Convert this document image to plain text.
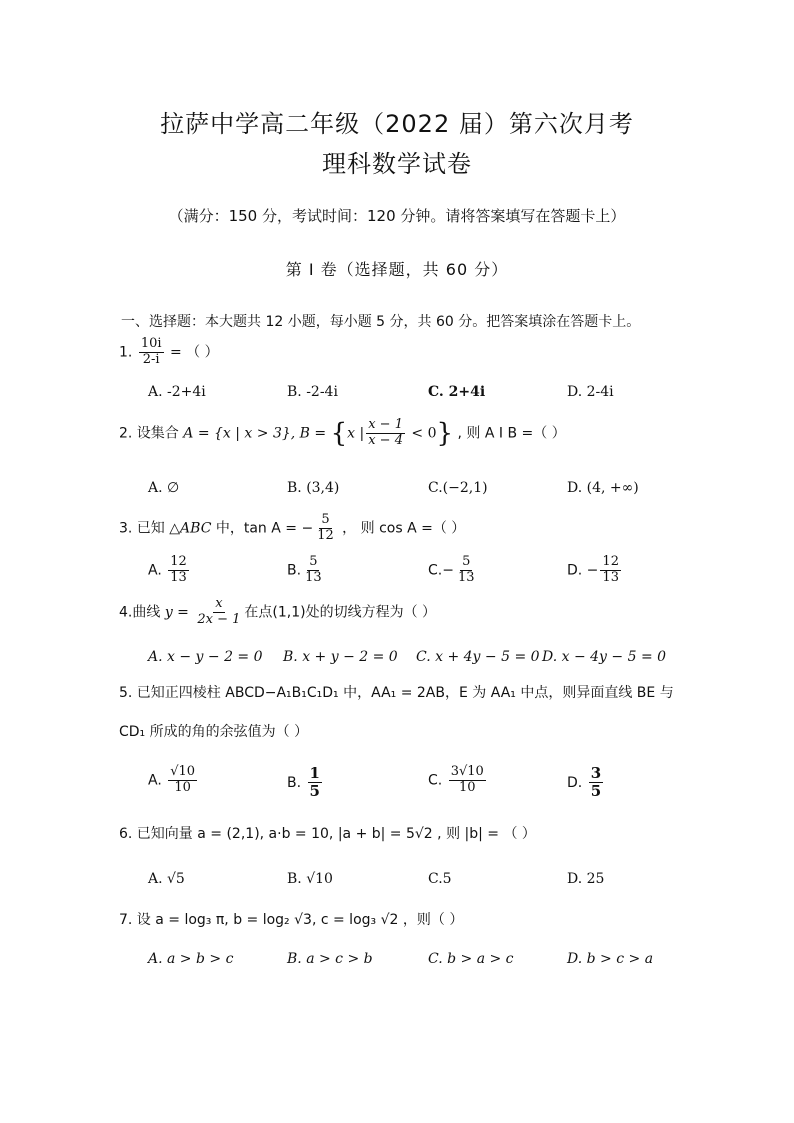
拉萨中学高二年级（2022 届）第六次月考
理科数学试卷
（满分：150 分，考试时间：120 分钟。请将答案填写在答题卡上）
第 I 卷（选择题，共 60 分）
一、选择题：本大题共 12 小题，每小题 5 分，共 60 分。把答案填涂在答题卡上。
1. $\frac{10i}{2-i}$ = （ ）
A. -2+4i	B. -2-4i	C. 2+4i	D. 2-4i
2. 设集合 A = {x | x > 3}, B = {x | $\frac{x - 1}{x - 4} < 0$} , 则 A I B =（ ）
A. ∅	B. (3,4)	C.(−2,1)	D. (4, +∞)
3. 已知 △ABC 中，tan A = − $\frac{5}{12}$ ， 则 cos A =（ ）
A. $\frac{12}{13}$	B. $\frac{5}{13}$	$C.- \frac{5}{13}$	D. − $\frac{12}{13}$
4.曲线 $y = \frac{x}{2x - 1}$ 在点(1,1)处的切线方程为（ ）
A. x − y − 2 = 0 B. x + y − 2 = 0 C. x + 4y − 5 = 0 D. x − 4y − 5 = 0
5. 已知正四棱柱 ABCD−A₁B₁C₁D₁ 中，AA₁ = 2AB，E 为 AA₁ 中点，则异面直线 BE 与
CD₁ 所成的角的余弦值为（ ）
A. $\frac{√10}{10}$	B. $\frac{1}{5}$	C. $\frac{3√10}{10}$	D. $\frac{3}{5}$
6. 已知向量 a = (2,1), a·b = 10, |a + b| = 5√2 , 则 |b| = （ ）
A. √5	B. √10	C.5	D. 25
7. 设 a = log₃ π, b = log₂ √3, c = log₃ √2 ，则（ ）
A. a > b > c	B. a > c > b	C. b > a > c	D. b > c > a
